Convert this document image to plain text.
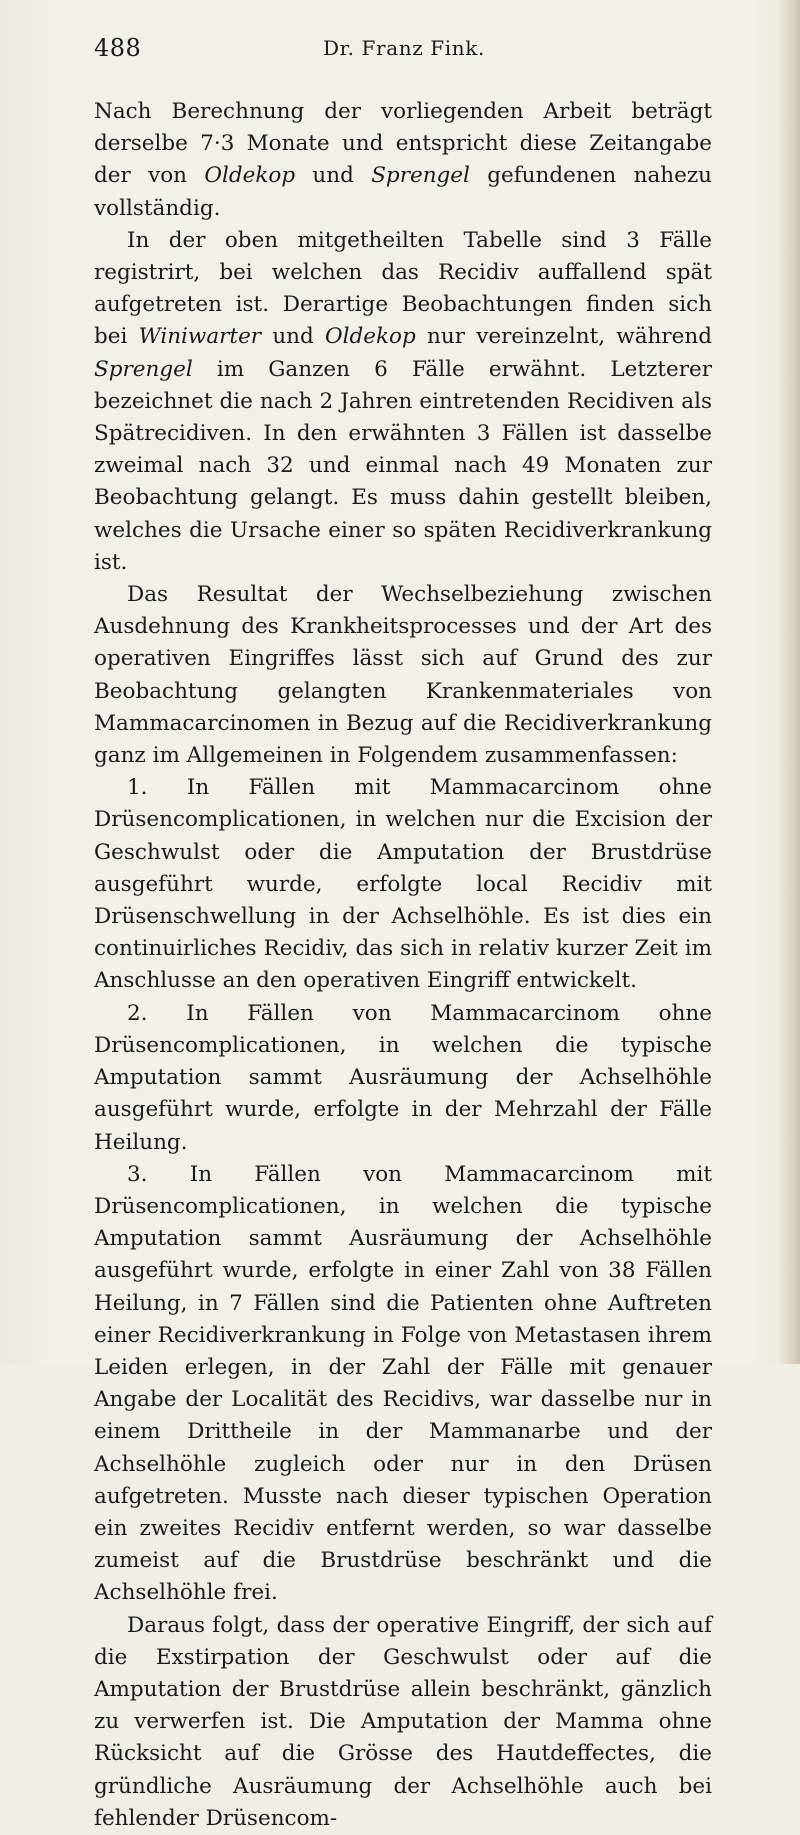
488	Dr. Franz Fink.

Nach Berechnung der vorliegenden Arbeit beträgt derselbe 7·3 Monate und entspricht diese Zeitangabe der von Oldekop und Sprengel gefundenen nahezu vollständig.

In der oben mitgetheilten Tabelle sind 3 Fälle registrirt, bei welchen das Recidiv auffallend spät aufgetreten ist. Derartige Beobachtungen finden sich bei Winiwarter und Oldekop nur vereinzelnt, während Sprengel im Ganzen 6 Fälle erwähnt. Letzterer bezeichnet die nach 2 Jahren eintretenden Recidiven als Spätrecidiven. In den erwähnten 3 Fällen ist dasselbe zweimal nach 32 und einmal nach 49 Monaten zur Beobachtung gelangt. Es muss dahin gestellt bleiben, welches die Ursache einer so späten Recidiverkrankung ist.

Das Resultat der Wechselbeziehung zwischen Ausdehnung des Krankheitsprocesses und der Art des operativen Eingriffes lässt sich auf Grund des zur Beobachtung gelangten Krankenmateriales von Mammacarcinomen in Bezug auf die Recidiverkrankung ganz im Allgemeinen in Folgendem zusammenfassen:

1. In Fällen mit Mammacarcinom ohne Drüsencomplicationen, in welchen nur die Excision der Geschwulst oder die Amputation der Brustdrüse ausgeführt wurde, erfolgte local Recidiv mit Drüsenschwellung in der Achselhöhle. Es ist dies ein continuirliches Recidiv, das sich in relativ kurzer Zeit im Anschlusse an den operativen Eingriff entwickelt.

2. In Fällen von Mammacarcinom ohne Drüsencomplicationen, in welchen die typische Amputation sammt Ausräumung der Achselhöhle ausgeführt wurde, erfolgte in der Mehrzahl der Fälle Heilung.

3. In Fällen von Mammacarcinom mit Drüsencomplicationen, in welchen die typische Amputation sammt Ausräumung der Achselhöhle ausgeführt wurde, erfolgte in einer Zahl von 38 Fällen Heilung, in 7 Fällen sind die Patienten ohne Auftreten einer Recidiverkrankung in Folge von Metastasen ihrem Leiden erlegen, in der Zahl der Fälle mit genauer Angabe der Localität des Recidivs, war dasselbe nur in einem Drittheile in der Mammanarbe und der Achselhöhle zugleich oder nur in den Drüsen aufgetreten. Musste nach dieser typischen Operation ein zweites Recidiv entfernt werden, so war dasselbe zumeist auf die Brustdrüse beschränkt und die Achselhöhle frei.

Daraus folgt, dass der operative Eingriff, der sich auf die Exstirpation der Geschwulst oder auf die Amputation der Brustdrüse allein beschränkt, gänzlich zu verwerfen ist. Die Amputation der Mamma ohne Rücksicht auf die Grösse des Hautdeffectes, die gründliche Ausräumung der Achselhöhle auch bei fehlender Drüsencom-
